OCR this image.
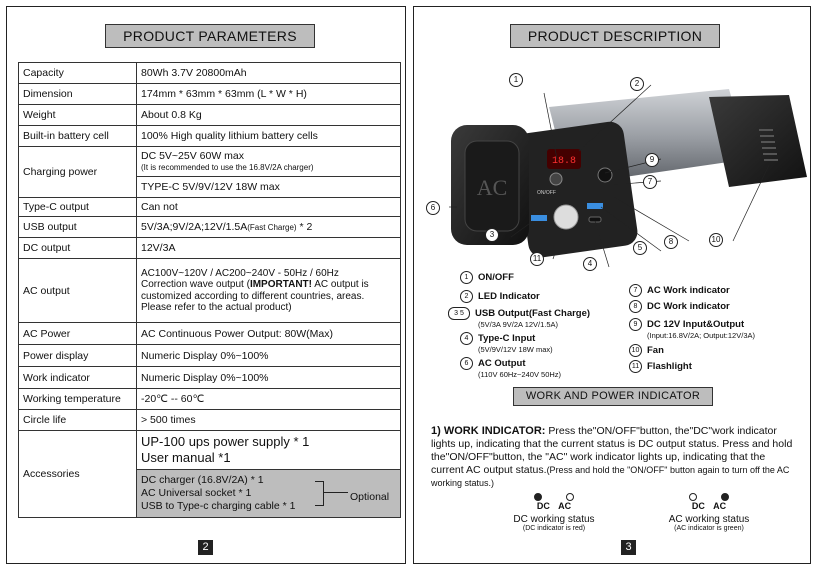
PRODUCT PARAMETERS
Capacity	80Wh 3.7V 20800mAh
Dimension	174mm * 63mm * 63mm (L * W * H)
Weight	About 0.8 Kg
Built-in battery cell	100% High quality lithium battery cells
Charging power	DC 5V~25V 60W max
(It is recommended to use the 16.8V/2A charger)
	TYPE-C 5V/9V/12V 18W max
Type-C output	Can not
USB output	5V/3A;9V/2A;12V/1.5A(Fast Charge) * 2
DC output	12V/3A
AC output	AC100V~120V / AC200~240V - 50Hz / 60Hz
Correction wave output (IMPORTANT! AC output is
customized according to different countries, areas.
Please refer to the actual product)
AC Power	AC Continuous Power Output: 80W(Max)
Power display	Numeric Display 0%~100%
Work indicator	Numeric Display 0%~100%
Working temperature	-20℃ -- 60℃
Circle life	> 500 times
Accessories	UP-100 ups power supply * 1
User manual *1
	DC charger (16.8V/2A) * 1
AC Universal socket * 1
USB to Type-c charging cable * 1
Optional
2
PRODUCT DESCRIPTION
18.8
ON/OFF
AC
1	2
3
4
5
6
7
8
9
10
11
1 ON/OFF
2 LED Indicator
3 5 USB Output(Fast Charge)
(5V/3A 9V/2A 12V/1.5A)
4 Type-C Input
(5V/9V/12V 18W max)
6 AC Output
(110V 60Hz~240V 50Hz)
7 AC Work indicator
8 DC Work indicator
9 DC 12V Input&Output
(Input:16.8V/2A; Output:12V/3A)
10 Fan
11 Flashlight
WORK AND POWER INDICATOR
1) WORK INDICATOR: Press the"ON/OFF"button, the"DC"work indicator lights up, indicating that the current status is DC output status. Press and hold the"ON/OFF"button, the "AC" work indicator lights up, indicating that the current AC output status.(Press and hold the "ON/OFF" button again to turn off the AC working status.)
DC AC
DC working status
(DC indicator is red)
DC AC
AC working status
(AC indicator is green)
3
